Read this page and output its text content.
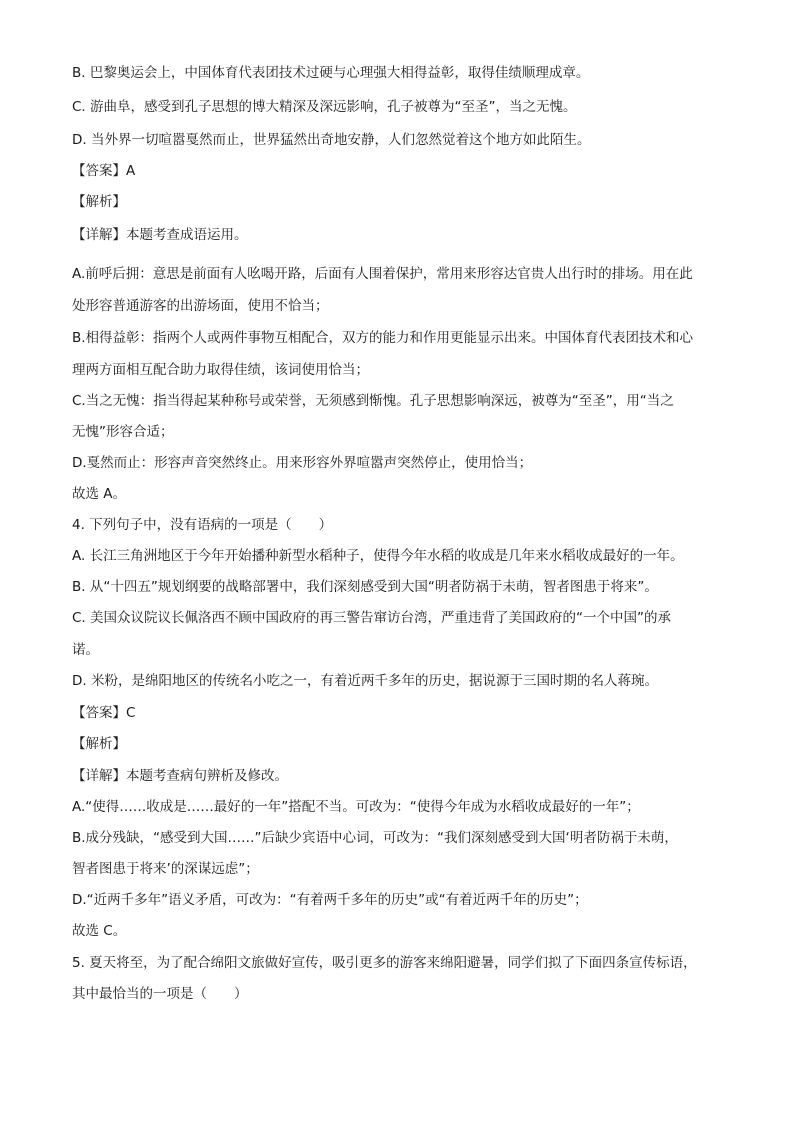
B. 巴黎奥运会上，中国体育代表团技术过硬与心理强大相得益彰，取得佳绩顺理成章。
C. 游曲阜，感受到孔子思想的博大精深及深远影响，孔子被尊为“至圣”，当之无愧。
D. 当外界一切喧嚣戛然而止，世界猛然出奇地安静，人们忽然觉着这个地方如此陌生。
【答案】A
【解析】
【详解】本题考查成语运用。
A.前呼后拥：意思是前面有人吆喝开路，后面有人围着保护，常用来形容达官贵人出行时的排场。用在此
处形容普通游客的出游场面，使用不恰当；
B.相得益彰：指两个人或两件事物互相配合，双方的能力和作用更能显示出来。中国体育代表团技术和心
理两方面相互配合助力取得佳绩，该词使用恰当；
C.当之无愧：指当得起某种称号或荣誉，无须感到惭愧。孔子思想影响深远，被尊为“至圣”，用“当之
无愧”形容合适；
D.戛然而止：形容声音突然终止。用来形容外界喧嚣声突然停止，使用恰当；
故选 A。
4. 下列句子中，没有语病的一项是（　　）
A. 长江三角洲地区于今年开始播种新型水稻种子，使得今年水稻的收成是几年来水稻收成最好的一年。
B. 从“十四五”规划纲要的战略部署中，我们深刻感受到大国“明者防祸于未萌，智者图患于将来”。
C. 美国众议院议长佩洛西不顾中国政府的再三警告窜访台湾，严重违背了美国政府的“一个中国”的承
诺。
D. 米粉，是绵阳地区的传统名小吃之一，有着近两千多年的历史，据说源于三国时期的名人蒋琬。
【答案】C
【解析】
【详解】本题考查病句辨析及修改。
A.“使得……收成是……最好的一年”搭配不当。可改为：“使得今年成为水稻收成最好的一年”；
B.成分残缺，“感受到大国……”后缺少宾语中心词，可改为：“我们深刻感受到大国‘明者防祸于未萌，
智者图患于将来’的深谋远虑”；
D.“近两千多年”语义矛盾，可改为：“有着两千多年的历史”或“有着近两千年的历史”；
故选 C。
5. 夏天将至，为了配合绵阳文旅做好宣传，吸引更多的游客来绵阳避暑，同学们拟了下面四条宣传标语，
其中最恰当的一项是（　　）
